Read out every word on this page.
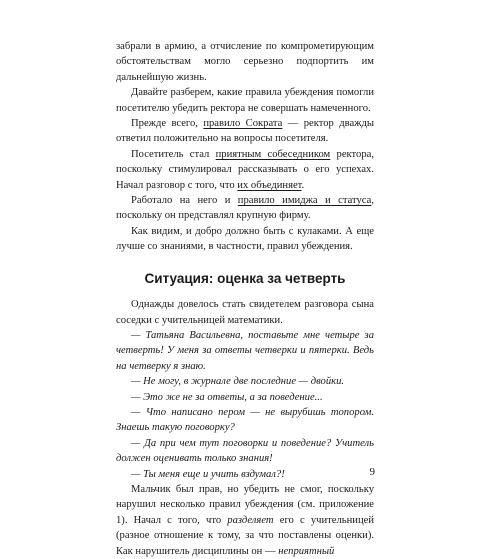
забрали в армию, а отчисление по компрометирующим обстоятельствам могло серьезно подпортить им дальнейшую жизнь.

Давайте разберем, какие правила убеждения помогли посетителю убедить ректора не совершать намеченного.

Прежде всего, правило Сократа — ректор дважды ответил положительно на вопросы посетителя.

Посетитель стал приятным собеседником ректора, поскольку стимулировал рассказывать о его успехах. Начал разговор с того, что их объединяет.

Работало на него и правило имиджа и статуса, поскольку он представлял крупную фирму.

Как видим, и добро должно быть с кулаками. А еще лучше со знаниями, в частности, правил убеждения.

Ситуация: оценка за четверть

Однажды довелось стать свидетелем разговора сына соседки с учительницей математики.

— Татьяна Васильевна, поставьте мне четыре за четверть! У меня за ответы четверки и пятерки. Ведь на четверку я знаю.

— Не могу, в журнале две последние — двойки.

— Это же не за ответы, а за поведение...

— Что написано пером — не вырубишь топором. Знаешь такую поговорку?

— Да при чем тут поговорки и поведение? Учитель должен оценивать только знания!

— Ты меня еще и учить вздумал?!

Мальчик был прав, но убедить не смог, поскольку нарушил несколько правил убеждения (см. приложение 1). Начал с того, что разделяет его с учительницей (разное отношение к тому, за что поставлены оценки). Как нарушитель дисциплины он — неприятный

9
